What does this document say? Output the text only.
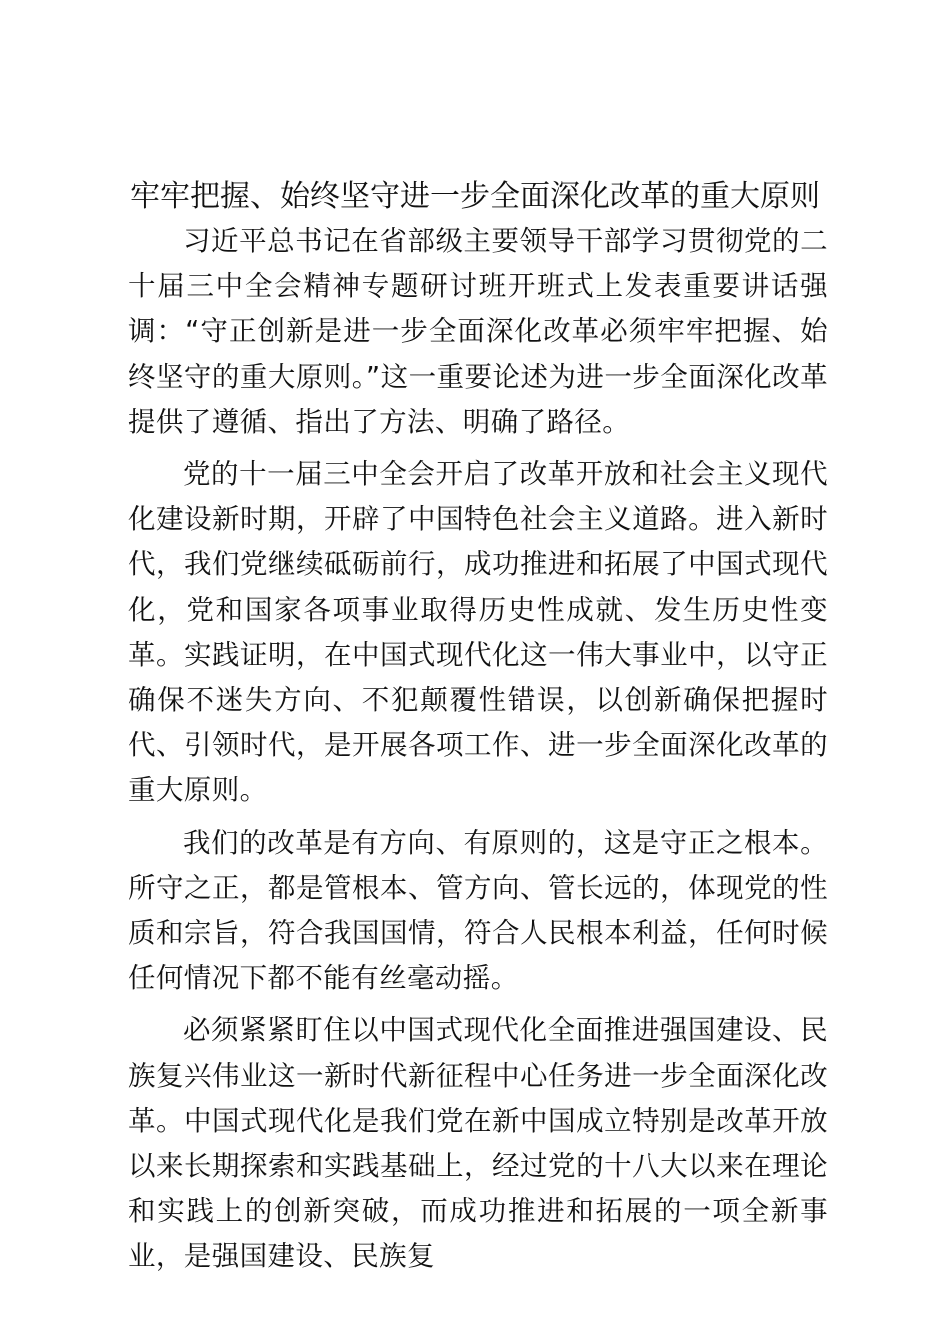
牢牢把握、始终坚守进一步全面深化改革的重大原则

习近平总书记在省部级主要领导干部学习贯彻党的二十届三中全会精神专题研讨班开班式上发表重要讲话强调：“守正创新是进一步全面深化改革必须牢牢把握、始终坚守的重大原则。”这一重要论述为进一步全面深化改革提供了遵循、指出了方法、明确了路径。

党的十一届三中全会开启了改革开放和社会主义现代化建设新时期，开辟了中国特色社会主义道路。进入新时代，我们党继续砥砺前行，成功推进和拓展了中国式现代化，党和国家各项事业取得历史性成就、发生历史性变革。实践证明，在中国式现代化这一伟大事业中，以守正确保不迷失方向、不犯颠覆性错误，以创新确保把握时代、引领时代，是开展各项工作、进一步全面深化改革的重大原则。

我们的改革是有方向、有原则的，这是守正之根本。所守之正，都是管根本、管方向、管长远的，体现党的性质和宗旨，符合我国国情，符合人民根本利益，任何时候任何情况下都不能有丝毫动摇。

必须紧紧盯住以中国式现代化全面推进强国建设、民族复兴伟业这一新时代新征程中心任务进一步全面深化改革。中国式现代化是我们党在新中国成立特别是改革开放以来长期探索和实践基础上，经过党的十八大以来在理论和实践上的创新突破，而成功推进和拓展的一项全新事业，是强国建设、民族复
